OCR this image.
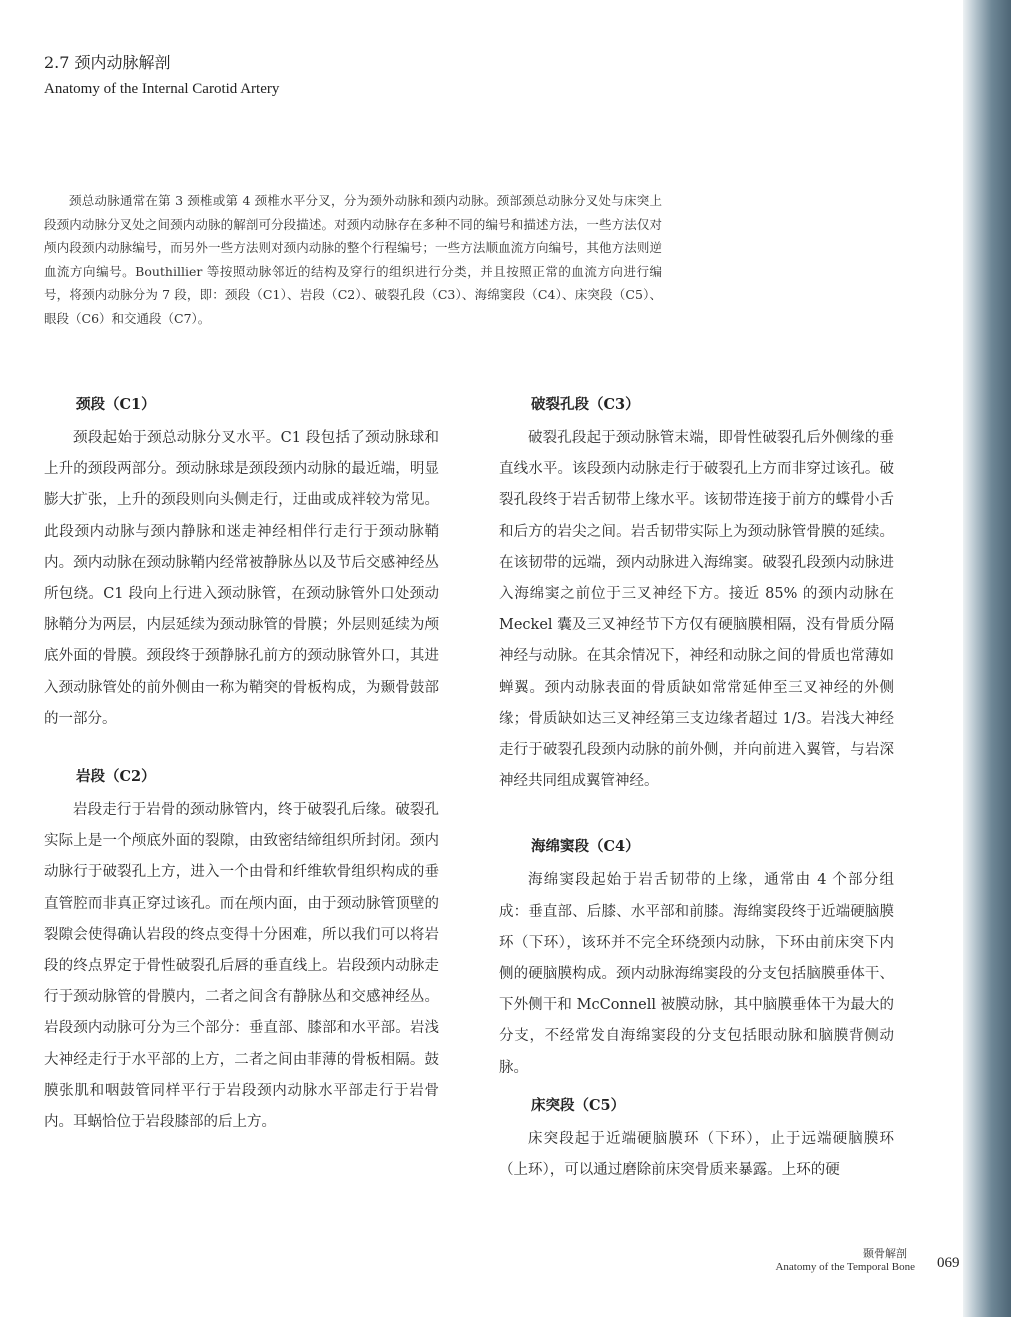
2.7 颈内动脉解剖
Anatomy of the Internal Carotid Artery

颈总动脉通常在第 3 颈椎或第 4 颈椎水平分叉，分为颈外动脉和颈内动脉。颈部颈总动脉分叉处与床突上段颈内动脉分叉处之间颈内动脉的解剖可分段描述。对颈内动脉存在多种不同的编号和描述方法，一些方法仅对颅内段颈内动脉编号，而另外一些方法则对颈内动脉的整个行程编号；一些方法顺血流方向编号，其他方法则逆血流方向编号。Bouthillier 等按照动脉邻近的结构及穿行的组织进行分类，并且按照正常的血流方向进行编号，将颈内动脉分为 7 段，即：颈段（C1）、岩段（C2）、破裂孔段（C3）、海绵窦段（C4）、床突段（C5）、眼段（C6）和交通段（C7）。

颈段（C1）

颈段起始于颈总动脉分叉水平。C1 段包括了颈动脉球和上升的颈段两部分。颈动脉球是颈段颈内动脉的最近端，明显膨大扩张，上升的颈段则向头侧走行，迂曲或成袢较为常见。此段颈内动脉与颈内静脉和迷走神经相伴行走行于颈动脉鞘内。颈内动脉在颈动脉鞘内经常被静脉丛以及节后交感神经丛所包绕。C1 段向上行进入颈动脉管，在颈动脉管外口处颈动脉鞘分为两层，内层延续为颈动脉管的骨膜；外层则延续为颅底外面的骨膜。颈段终于颈静脉孔前方的颈动脉管外口，其进入颈动脉管处的前外侧由一称为鞘突的骨板构成，为颞骨鼓部的一部分。

岩段（C2）

岩段走行于岩骨的颈动脉管内，终于破裂孔后缘。破裂孔实际上是一个颅底外面的裂隙，由致密结缔组织所封闭。颈内动脉行于破裂孔上方，进入一个由骨和纤维软骨组织构成的垂直管腔而非真正穿过该孔。而在颅内面，由于颈动脉管顶壁的裂隙会使得确认岩段的终点变得十分困难，所以我们可以将岩段的终点界定于骨性破裂孔后唇的垂直线上。岩段颈内动脉走行于颈动脉管的骨膜内，二者之间含有静脉丛和交感神经丛。岩段颈内动脉可分为三个部分：垂直部、膝部和水平部。岩浅大神经走行于水平部的上方，二者之间由菲薄的骨板相隔。鼓膜张肌和咽鼓管同样平行于岩段颈内动脉水平部走行于岩骨内。耳蜗恰位于岩段膝部的后上方。

破裂孔段（C3）

破裂孔段起于颈动脉管末端，即骨性破裂孔后外侧缘的垂直线水平。该段颈内动脉走行于破裂孔上方而非穿过该孔。破裂孔段终于岩舌韧带上缘水平。该韧带连接于前方的蝶骨小舌和后方的岩尖之间。岩舌韧带实际上为颈动脉管骨膜的延续。在该韧带的远端，颈内动脉进入海绵窦。破裂孔段颈内动脉进入海绵窦之前位于三叉神经下方。接近 85% 的颈内动脉在 Meckel 囊及三叉神经节下方仅有硬脑膜相隔，没有骨质分隔神经与动脉。在其余情况下，神经和动脉之间的骨质也常薄如蝉翼。颈内动脉表面的骨质缺如常常延伸至三叉神经的外侧缘；骨质缺如达三叉神经第三支边缘者超过 1/3。岩浅大神经走行于破裂孔段颈内动脉的前外侧，并向前进入翼管，与岩深神经共同组成翼管神经。

海绵窦段（C4）

海绵窦段起始于岩舌韧带的上缘，通常由 4 个部分组成：垂直部、后膝、水平部和前膝。海绵窦段终于近端硬脑膜环（下环），该环并不完全环绕颈内动脉，下环由前床突下内侧的硬脑膜构成。颈内动脉海绵窦段的分支包括脑膜垂体干、下外侧干和 McConnell 被膜动脉，其中脑膜垂体干为最大的分支，不经常发自海绵窦段的分支包括眼动脉和脑膜背侧动脉。

床突段（C5）

床突段起于近端硬脑膜环（下环），止于远端硬脑膜环（上环），可以通过磨除前床突骨质来暴露。上环的硬

颞骨解剖
Anatomy of the Temporal Bone 069
